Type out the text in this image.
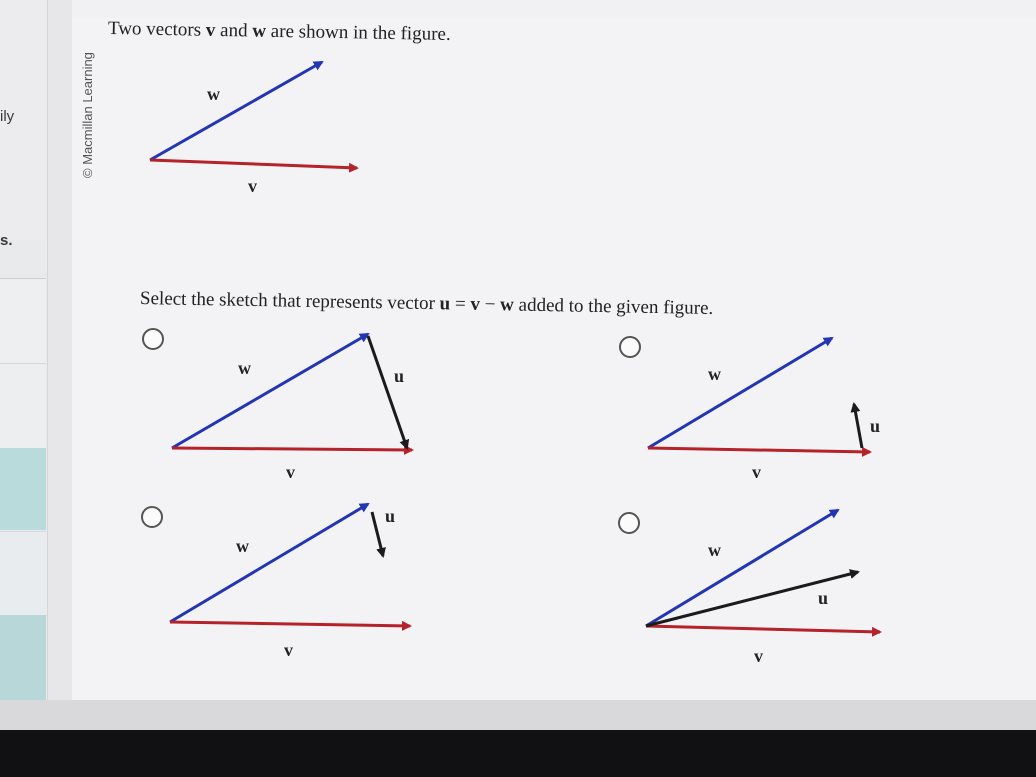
ily
s.
© Macmillan Learning
Two vectors v and w are shown in the figure.
Select the sketch that represents vector u = v − w added to the given figure.
w
v
w	u
v
w
u
v
w
u
v
w
u
v
